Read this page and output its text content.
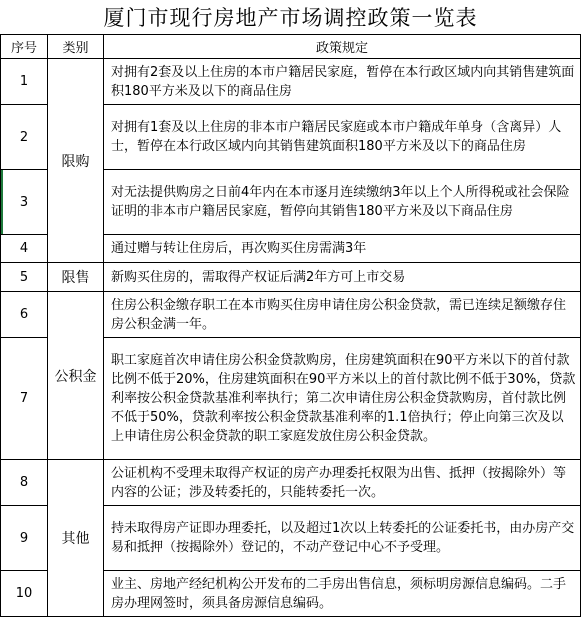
厦门市现行房地产市场调控政策一览表
序号	类别	政策规定
1	限购	对拥有2套及以上住房的本市户籍居民家庭，暂停在本行政区域内向其销售建筑面积180平方米及以下的商品住房
2		对拥有1套及以上住房的非本市户籍居民家庭或本市户籍成年单身（含离异）人士，暂停在本行政区域内向其销售建筑面积180平方米及以下的商品住房
3		对无法提供购房之日前4年内在本市逐月连续缴纳3年以上个人所得税或社会保险证明的非本市户籍居民家庭，暂停向其销售180平方米及以下商品住房
4		通过赠与转让住房后，再次购买住房需满3年
5	限售	新购买住房的，需取得产权证后满2年方可上市交易
6	公积金	住房公积金缴存职工在本市购买住房申请住房公积金贷款，需已连续足额缴存住房公积金满一年。
7		职工家庭首次申请住房公积金贷款购房，住房建筑面积在90平方米以下的首付款比例不低于20%，住房建筑面积在90平方米以上的首付款比例不低于30%，贷款利率按公积金贷款基准利率执行；第二次申请住房公积金贷款购房，首付款比例不低于50%，贷款利率按公积金贷款基准利率的1.1倍执行；停止向第三次及以上申请住房公积金贷款的职工家庭发放住房公积金贷款。
8	其他	公证机构不受理未取得产权证的房产办理委托权限为出售、抵押（按揭除外）等内容的公证；涉及转委托的，只能转委托一次。
9		持未取得房产证即办理委托，以及超过1次以上转委托的公证委托书，由办房产交易和抵押（按揭除外）登记的，不动产登记中心不予受理。
10		业主、房地产经纪机构公开发布的二手房出售信息，须标明房源信息编码。二手房办理网签时，须具备房源信息编码。
